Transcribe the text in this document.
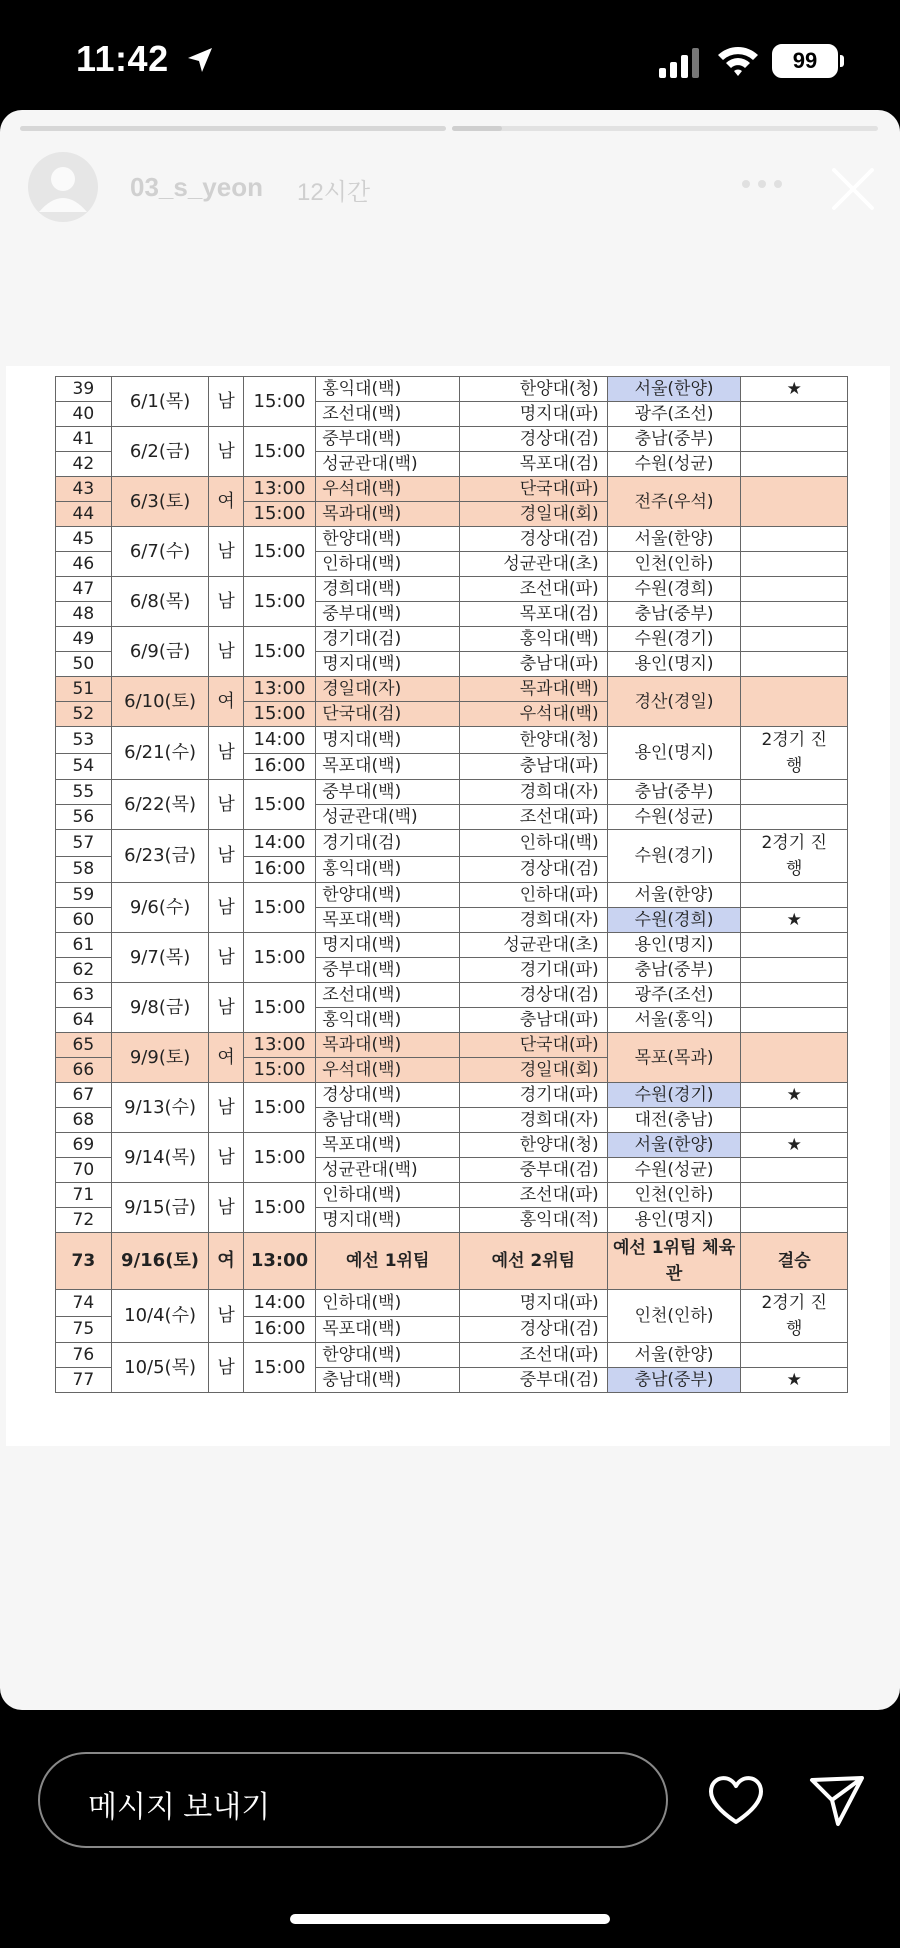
11:42	99
03_s_yeon 12시간
39	6/1(목)	남	15:00	홍익대(백)	한양대(청)	서울(한양)	★
40				조선대(백)	명지대(파)	광주(조선)	
41	6/2(금)	남	15:00	중부대(백)	경상대(검)	충남(중부)	
42				성균관대(백)	목포대(검)	수원(성균)	
43	6/3(토)	여	13:00	우석대(백)	단국대(파)	전주(우석)	
44			15:00	목과대(백)	경일대(회)		
45	6/7(수)	남	15:00	한양대(백)	경상대(검)	서울(한양)	
46				인하대(백)	성균관대(초)	인천(인하)	
47	6/8(목)	남	15:00	경희대(백)	조선대(파)	수원(경희)	
48				중부대(백)	목포대(검)	충남(중부)	
49	6/9(금)	남	15:00	경기대(검)	홍익대(백)	수원(경기)	
50				명지대(백)	충남대(파)	용인(명지)	
51	6/10(토)	여	13:00	경일대(자)	목과대(백)	경산(경일)	
52			15:00	단국대(검)	우석대(백)		
53	6/21(수)	남	14:00	명지대(백)	한양대(청)	용인(명지)	2경기 진행
54			16:00	목포대(백)	충남대(파)		
55	6/22(목)	남	15:00	중부대(백)	경희대(자)	충남(중부)	
56				성균관대(백)	조선대(파)	수원(성균)	
57	6/23(금)	남	14:00	경기대(검)	인하대(백)	수원(경기)	2경기 진행
58			16:00	홍익대(백)	경상대(검)		
59	9/6(수)	남	15:00	한양대(백)	인하대(파)	서울(한양)	
60				목포대(백)	경희대(자)	수원(경희)	★
61	9/7(목)	남	15:00	명지대(백)	성균관대(초)	용인(명지)	
62				중부대(백)	경기대(파)	충남(중부)	
63	9/8(금)	남	15:00	조선대(백)	경상대(검)	광주(조선)	
64				홍익대(백)	충남대(파)	서울(홍익)	
65	9/9(토)	여	13:00	목과대(백)	단국대(파)	목포(목과)	
66			15:00	우석대(백)	경일대(회)		
67	9/13(수)	남	15:00	경상대(백)	경기대(파)	수원(경기)	★
68				충남대(백)	경희대(자)	대전(충남)	
69	9/14(목)	남	15:00	목포대(백)	한양대(청)	서울(한양)	★
70				성균관대(백)	중부대(검)	수원(성균)	
71	9/15(금)	남	15:00	인하대(백)	조선대(파)	인천(인하)	
72				명지대(백)	홍익대(적)	용인(명지)	
73	9/16(토)	여	13:00	예선 1위팀	예선 2위팀	예선 1위팀 체육관	결승
74	10/4(수)	남	14:00	인하대(백)	명지대(파)	인천(인하)	2경기 진행
75			16:00	목포대(백)	경상대(검)		
76	10/5(목)	남	15:00	한양대(백)	조선대(파)	서울(한양)	
77				충남대(백)	중부대(검)	충남(중부)	★
메시지 보내기
